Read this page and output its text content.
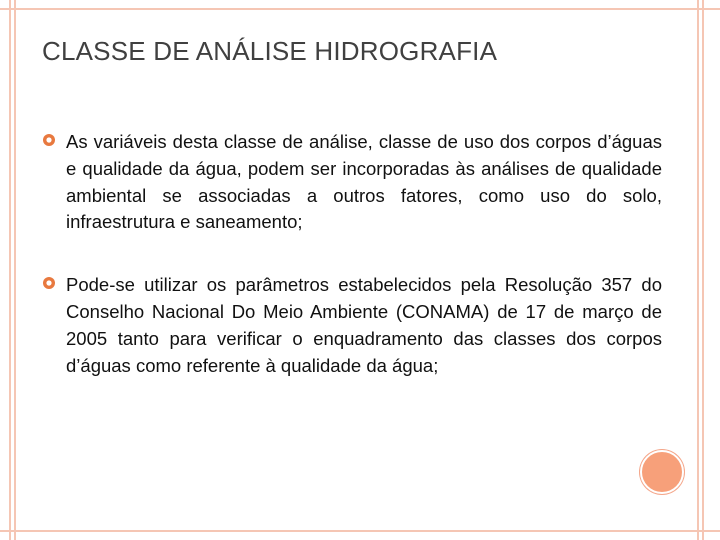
CLASSE DE ANÁLISE HIDROGRAFIA
As variáveis desta classe de análise, classe de uso dos corpos d’águas e qualidade da água, podem ser incorporadas às análises de qualidade ambiental se associadas a outros fatores, como uso do solo, infraestrutura e saneamento;
Pode-se utilizar os parâmetros estabelecidos pela Resolução 357 do Conselho Nacional Do Meio Ambiente (CONAMA) de 17 de março de 2005 tanto para verificar o enquadramento das classes dos corpos d’águas como referente à qualidade da água;
